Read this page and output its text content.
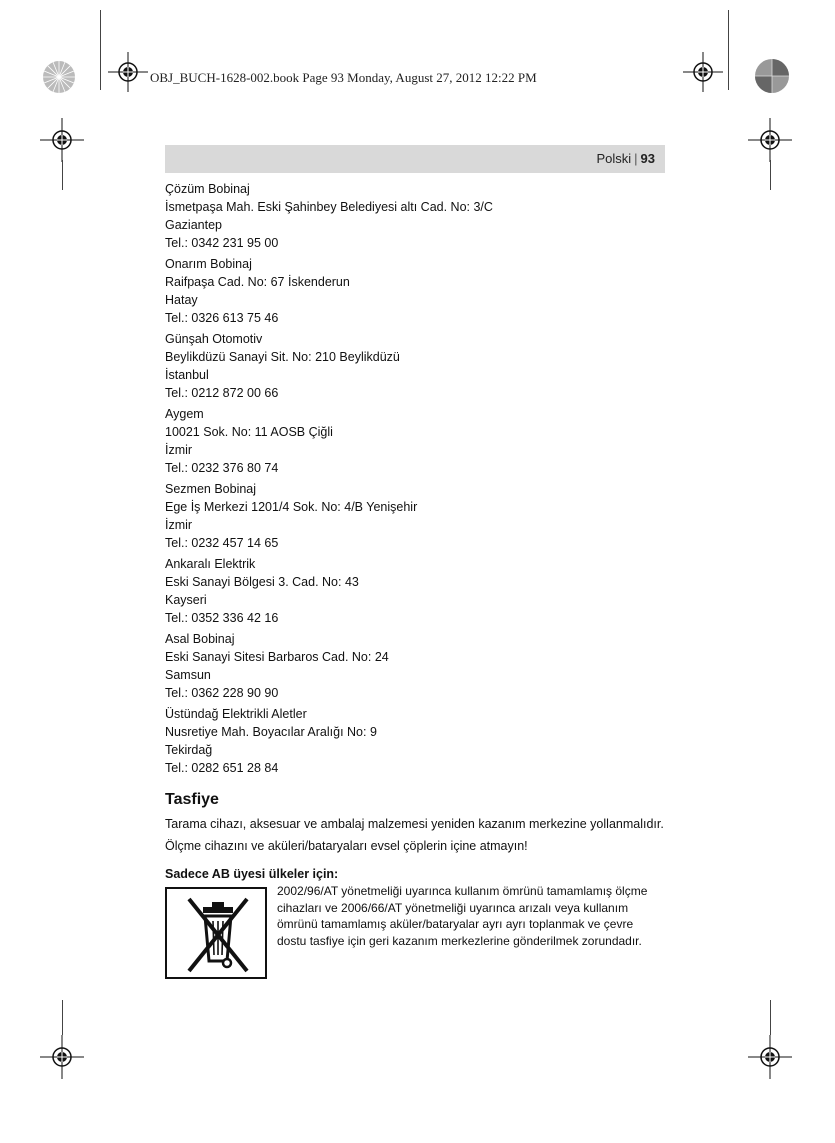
OBJ_BUCH-1628-002.book Page 93 Monday, August 27, 2012 12:22 PM
Polski | 93
Çözüm Bobinaj
İsmetpaşa Mah. Eski Şahinbey Belediyesi altı Cad. No: 3/C
Gaziantep
Tel.: 0342 231 95 00
Onarım Bobinaj
Raifpaşa Cad. No: 67 İskenderun
Hatay
Tel.: 0326 613 75 46
Günşah Otomotiv
Beylikdüzü Sanayi Sit. No: 210 Beylikdüzü
İstanbul
Tel.: 0212 872 00 66
Aygem
10021 Sok. No: 11 AOSB Çiğli
İzmir
Tel.: 0232 376 80 74
Sezmen Bobinaj
Ege İş Merkezi 1201/4 Sok. No: 4/B Yenişehir
İzmir
Tel.: 0232 457 14 65
Ankaralı Elektrik
Eski Sanayi Bölgesi 3. Cad. No: 43
Kayseri
Tel.: 0352 336 42 16
Asal Bobinaj
Eski Sanayi Sitesi Barbaros Cad. No: 24
Samsun
Tel.: 0362 228 90 90
Üstündağ Elektrikli Aletler
Nusretiye Mah. Boyacılar Aralığı No: 9
Tekirdağ
Tel.: 0282 651 28 84
Tasfiye

Tarama cihazı, aksesuar ve ambalaj malzemesi yeniden kazanım merkezine yollanmalıdır.

Ölçme cihazını ve aküleri/bataryaları evsel çöplerin içine atmayın!

Sadece AB üyesi ülkeler için:
2002/96/AT yönetmeliği uyarınca kullanım ömrünü tamamlamış ölçme cihazları ve 2006/66/AT yönetmeliği uyarınca arızalı veya kullanım ömrünü tamamlamış aküler/bataryalar ayrı ayrı toplanmak ve çevre dostu tasfiye için geri kazanım merkezlerine gönderilmek zorundadır.
